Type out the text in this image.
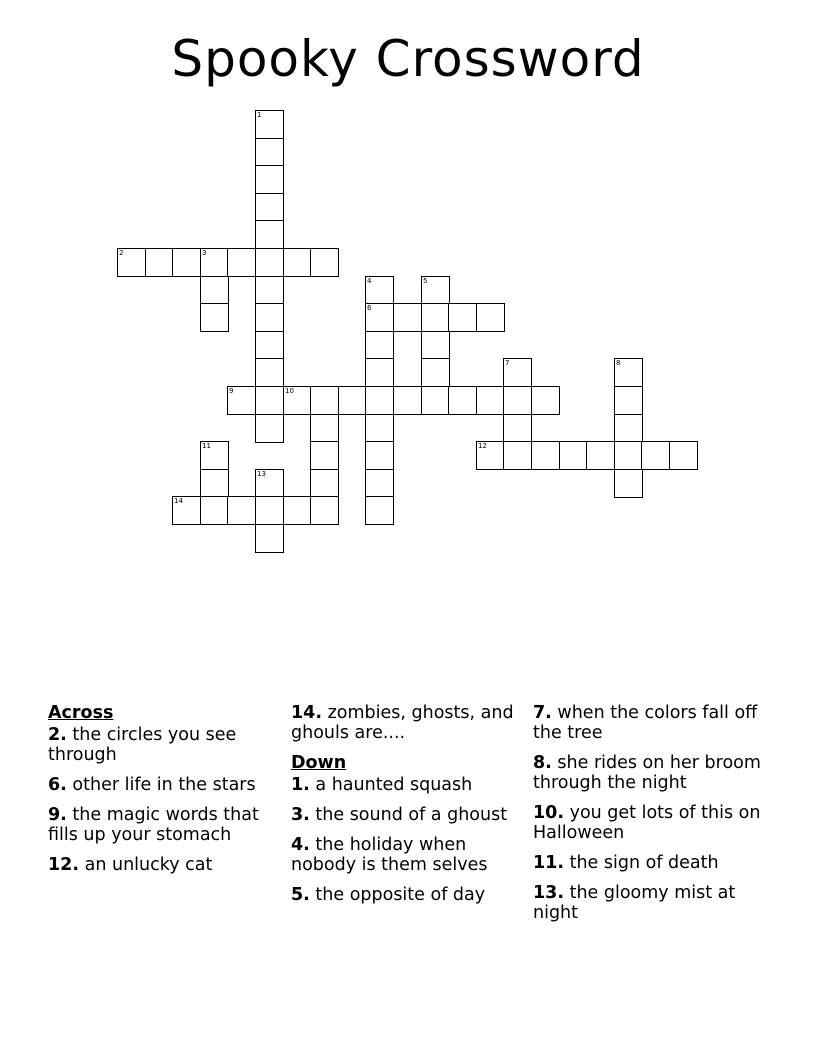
Spooky Crossword
1
2	3
4	5
6
7	8
9	10
11	12
13
14
Across
2. the circles you see through
6. other life in the stars
9. the magic words that fills up your stomach
12. an unlucky cat
14. zombies, ghosts, and ghouls are....
Down
1. a haunted squash
3. the sound of a ghoust
4. the holiday when nobody is them selves
5. the opposite of day
7. when the colors fall off the tree
8. she rides on her broom through the night
10. you get lots of this on Halloween
11. the sign of death
13. the gloomy mist at night
